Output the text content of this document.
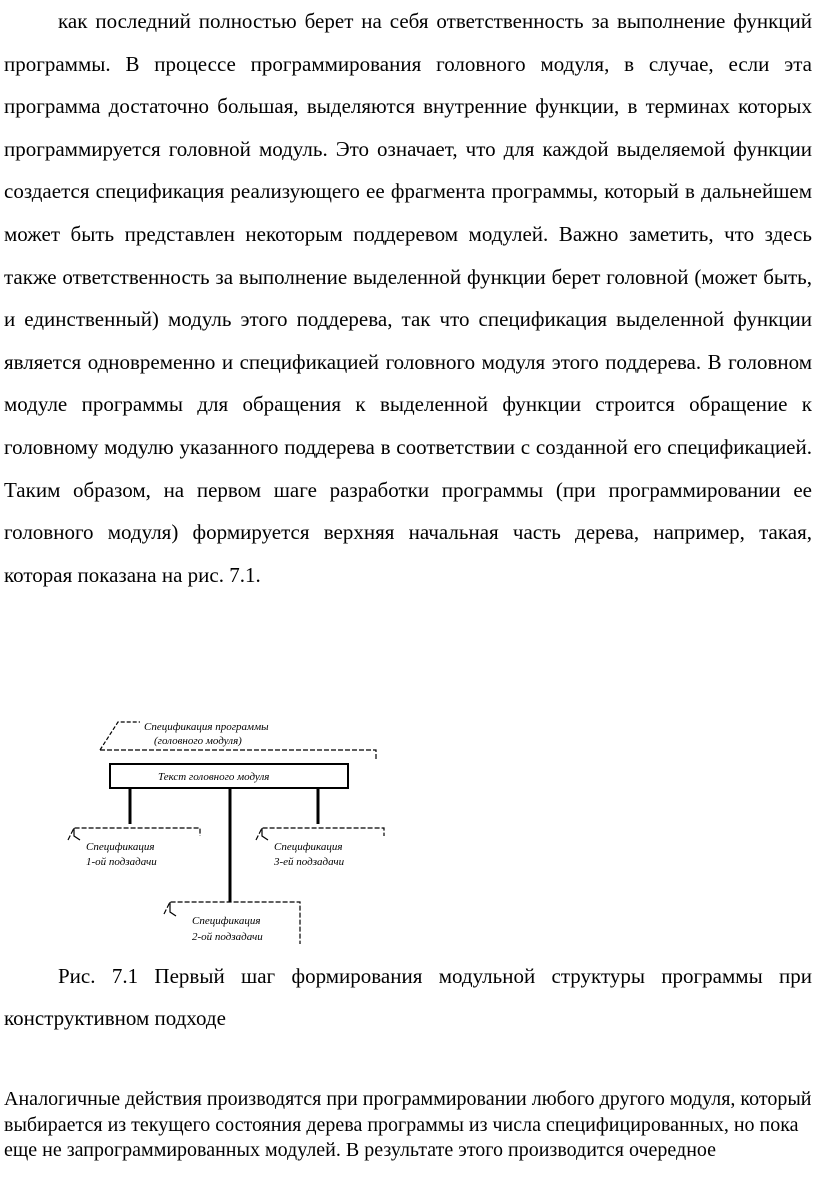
как последний полностью берет на себя ответственность за выполнение функций программы. В процессе программирования головного модуля, в случае, если эта программа достаточно большая, выделяются внутренние функции, в терминах которых программируется головной модуль. Это означает, что для каждой выделяемой функции создается спецификация реализующего ее фрагмента программы, который в дальнейшем может быть представлен некоторым поддеревом модулей. Важно заметить, что здесь также ответственность за выполнение выделенной функции берет головной (может быть, и единственный) модуль этого поддерева, так что спецификация выделенной функции является одновременно и спецификацией головного модуля этого поддерева. В головном модуле программы для обращения к выделенной функции строится обращение к головному модулю указанного поддерева в соответствии с созданной его спецификацией. Таким образом, на первом шаге разработки программы (при программировании ее головного модуля) формируется верхняя начальная часть дерева, например, такая, которая показана на рис. 7.1.

Спецификация программы
(головного модуля)
Текст головного модуля
Спецификация
1-ой подзадачи
Спецификация
3-ей подзадачи
Спецификация
2-ой подзадачи

Рис. 7.1 Первый шаг формирования модульной структуры программы при конструктивном подходе

Аналогичные действия производятся при программировании любого другого модуля, который выбирается из текущего состояния дерева программы из числа специфицированных, но пока еще не запрограммированных модулей. В результате этого производится очередное
